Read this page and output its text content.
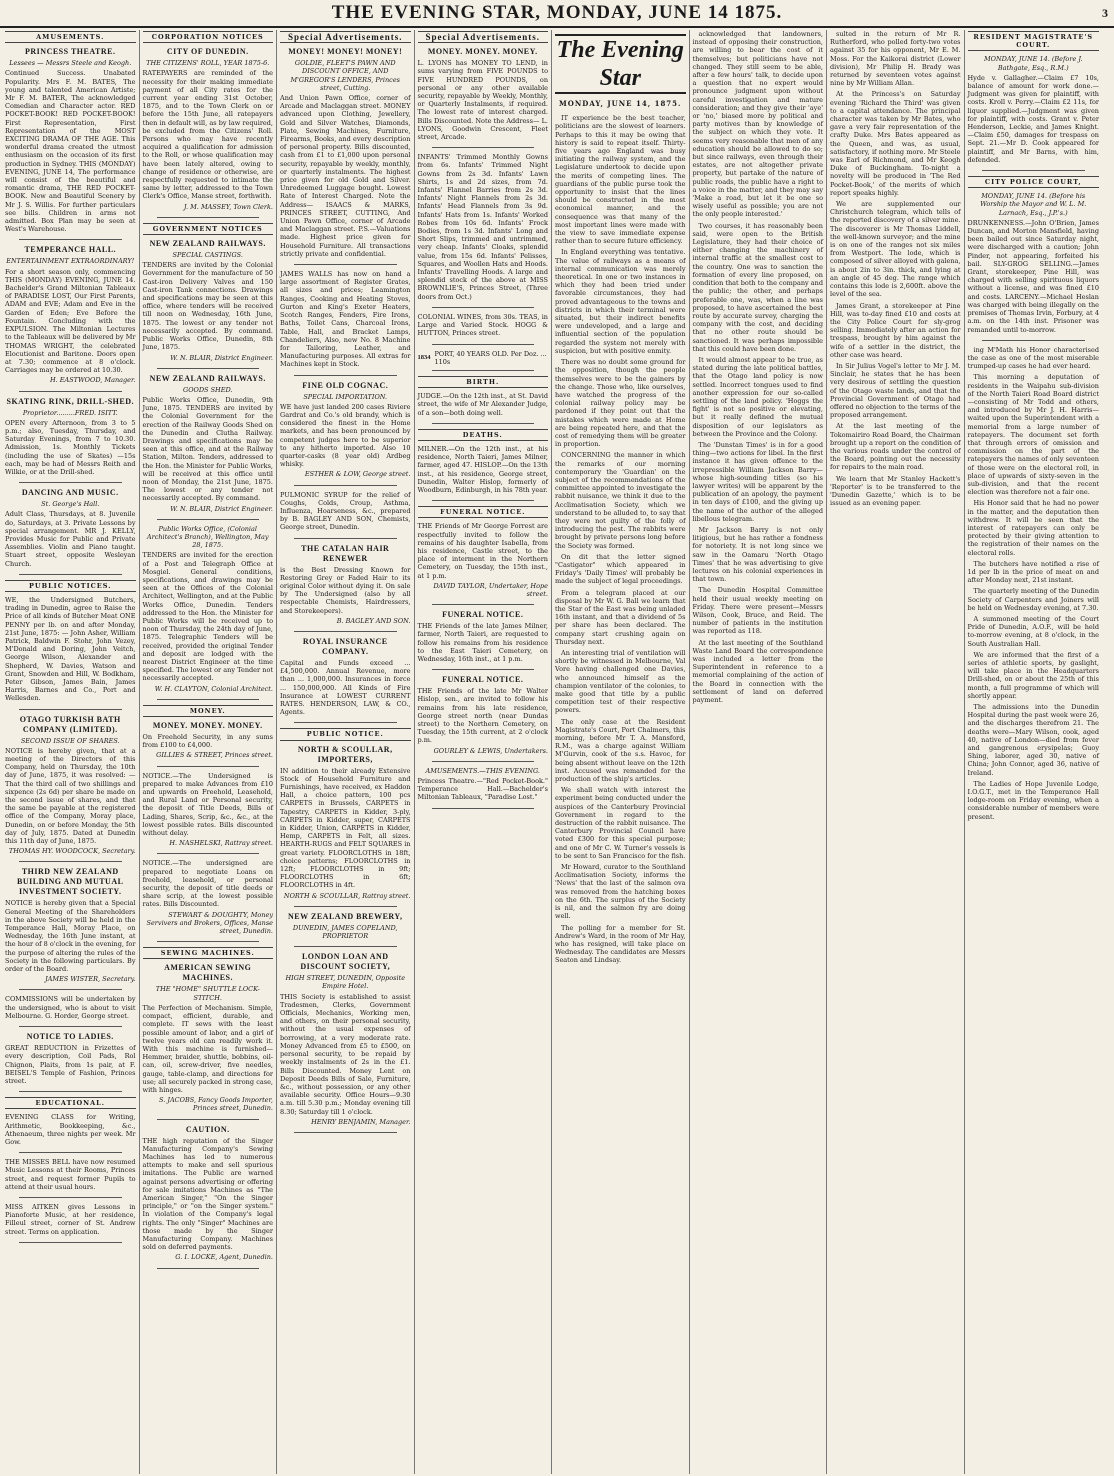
THE EVENING STAR, MONDAY, JUNE 14 1875.	3
AMUSEMENTS.
PRINCESS THEATRE.
Lessees — Messrs Steele and Keogh.
Continued Success. Unabated Popularity. Mrs F. M. BATES, The young and talented American Artiste; Mr F. M. BATER, The acknowledged Comedian and Character actor. RED POCKET-BOOK! RED POCKET-BOOK! First Representation, First Representation of the MOST EXCITING DRAMA OF THE AGE. This wonderful drama created the utmost enthusiasm on the occasion of its first production in Sydney. THIS (MONDAY) EVENING, JUNE 14, The performance will consist of the beautiful and romantic drama, THE RED POCKET-BOOK. New and Beautiful Scenery by Mr J. S. Willis. For further particulars see bills. Children in arms not admitted. Box Plan may be seen at West's Warehouse.
TEMPERANCE HALL.
ENTERTAINMENT EXTRAORDINARY!
For a short season only, commencing THIS (MONDAY) EVENING, JUNE 14. Bachelder's Grand Miltonian Tableaux of PARADISE LOST, Our First Parents, ADAM and EVE; Adam and Eve in the Garden of Eden; Eve Before the Fountain. Concluding with the EXPULSION. The Miltonian Lectures to the Tableaux will be delivered by Mr THOMAS WRIGHT, the celebrated Elocutionist and Baritone. Doors open at 7.30; commence at 8 o'clock. Carriages may be ordered at 10.30.
H. EASTWOOD, Manager.
SKATING RINK, DRILL-SHED.
Proprietor.........FRED. ISITT.
OPEN every Afternoon, from 3 to 5 p.m.; also, Tuesday, Thursday, and Saturday Evenings, from 7 to 10.30. Admission, 1s. Monthly Tickets (including the use of Skates) —15s each, may be had of Messrs Reith and Wilkie, or at the Drill-shed.
DANCING AND MUSIC.
St. George's Hall.
Adult Class, Thursdays, at 8. Juvenile do, Saturdays, at 3. Private Lessons by special arrangement. MR J. KELLY, Provides Music for Public and Private Assemblies. Violin and Piano taught. Stuart street, opposite Wesleyan Church.
PUBLIC NOTICES.
WE, the Undersigned Butchers, trading in Dunedin, agree to Raise the Price of all kinds of Butcher Meat ONE PENNY per lb. on and after Monday, 21st June, 1875: — John Asher, William Patrick, Baldwin F. Stohr, John Vezey, M'Donald and Doring, John Veitch, George Wilson, Alexander and Shepherd, W. Davies, Watson and Grant, Snowden and Hill, W. Bodkham, Peter Gibson, James Bain, James Harris, Barnes and Co., Port and Wellesden.
OTAGO TURKISH BATH COMPANY (LIMITED).
SECOND ISSUE OF SHARES.
NOTICE is hereby given, that at a meeting of the Directors of this Company, held on Thursday, the 10th day of June, 1875, it was resolved: — That the third call of two shillings and sixpence (2s 6d) per share be made on the second issue of shares, and that the same be payable at the registered office of the Company, Moray place, Dunedin, on or before Monday, the 5th day of July, 1875. Dated at Dunedin this 11th day of June, 1875.
THOMAS HY. WOODCOCK, Secretary.
THIRD NEW ZEALAND BUILDING AND MUTUAL INVESTMENT SOCIETY.
NOTICE is hereby given that a Special General Meeting of the Shareholders in the above Society will be held in the Temperance Hall, Moray Place, on Wednesday, the 16th June instant, at the hour of 8 o'clock in the evening, for the purpose of altering the rules of the Society in the following particulars. By order of the Board.
JAMES WISTER, Secretary.
COMMISSIONS will be undertaken by the undersigned, who is about to visit Melbourne. G. Horder, George street.
NOTICE TO LADIES.
GREAT REDUCTION in Frizettes of every description, Coil Pads, Rol Chignon, Plaits, from 1s pair, at F. BEISEL'S Temple of Fashion, Princes street.
EDUCATIONAL.
EVENING CLASS for Writing, Arithmetic, Bookkeeping, &c., Athenaeum, three nights per week. Mr Gow.
THE MISSES BELL have now resumed Music Lessons at their Rooms, Princes street, and request former Pupils to attend at their usual hours.
MISS AITKEN gives Lessons in Pianoforte Music, at her residence, Filleul street, corner of St. Andrew street. Terms on application.
CORPORATION NOTICES
CITY OF DUNEDIN.
THE CITIZENS' ROLL, YEAR 1875-6.
RATEPAYERS are reminded of the necessity for their making immediate payment of all City rates for the current year ending 31st October, 1875, and to the Town Clerk on or before the 15th June, all ratepayers then in default will, as by law required, be excluded from the Citizens' Roll. Persons who may have recently acquired a qualification for admission to the Roll, or whose qualification may have been lately altered, owing to change of residence or otherwise, are respectfully requested to intimate the same by letter, addressed to the Town Clerk's Office, Manse street, forthwith.
J. M. MASSEY, Town Clerk.
GOVERNMENT NOTICES
NEW ZEALAND RAILWAYS.
SPECIAL CASTINGS.
TENDERS are invited by the Colonial Government for the manufacture of 50 Cast-iron Delivery Valves and 150 Cast-iron Tank connections. Drawings and specifications may be seen at this office, where tenders will be received till noon on Wednesday, 16th June, 1875. The lowest or any tender not necessarily accepted. By command. Public Works Office, Dunedin, 8th June, 1875.
W. N. BLAIR, District Engineer.
NEW ZEALAND RAILWAYS.
GOODS SHED.
Public Works Office, Dunedin, 9th June, 1875. TENDERS are invited by the Colonial Government for the erection of the Railway Goods Shed on the Dunedin and Clutha Railway. Drawings and specifications may be seen at this office, and at the Railway Station, Milton. Tenders, addressed to the Hon. the Minister for Public Works, will be received at this office until noon of Monday, the 21st June, 1875. The lowest or any tender not necessarily accepted. By command.
W. N. BLAIR, District Engineer.
Public Works Office, (Colonial Architect's Branch), Wellington, May 28, 1875.
TENDERS are invited for the erection of a Post and Telegraph Office at Mosgiel. General conditions, specifications, and drawings may be seen at the Offices of the Colonial Architect, Wellington, and at the Public Works Office, Dunedin. Tenders addressed to the Hon. the Minister for Public Works will be received up to noon of Thursday, the 24th day of June, 1875. Telegraphic Tenders will be received, provided the original Tender and deposit are lodged with the nearest District Engineer at the time specified. The lowest or any Tender not necessarily accepted.
W. H. CLAYTON, Colonial Architect.
MONEY.
MONEY. MONEY. MONEY.
On Freehold Security, in any sums from £100 to £4,000.
GILLIES & STREET, Princes street.
NOTICE.—The Undersigned is prepared to make Advances from £10 and upwards on Freehold, Leasehold, and Rural Land or Personal security, the deposit of Title Deeds, Bills of Lading, Shares, Scrip, &c., &c., at the lowest possible rates. Bills discounted without delay.
H. NASHELSKI, Rattray street.
NOTICE.—The undersigned are prepared to negotiate Loans on freehold, leasehold, or personal security, the deposit of title deeds or share scrip, at the lowest possible rates. Bills Discounted.
STEWART & DOUGHTY, Money Servivers and Brokers, Offices, Manse street, Dunedin.
SEWING MACHINES.
AMERICAN SEWING MACHINES.
THE "HOME" SHUTTLE LOCK-STITCH.
The Perfection of Mechanism. Simple, compact, efficient, durable, and complete. IT sews with the least possible amount of labor, and a girl of twelve years old can readily work it. With this machine is furnished—Hemmer, braider, shuttle, bobbins, oil-can, oil, screw-driver, five needles, gauge, table-clamp, and directions for use; all securely packed in strong case, with hinges.
S. JACOBS, Fancy Goods Importer, Princes street, Dunedin.
CAUTION.
THE high reputation of the Singer Manufacturing Company's Sewing Machines has led to numerous attempts to make and sell spurious imitations. The Public are warned against persons advertising or offering for sale imitations Machines as "The American Singer," "On the Singer principle," or "on the Singer system." In violation of the Company's legal rights. The only "Singer" Machines are those made by the Singer Manufacturing Company. Machines sold on deferred payments.
G. I. LOCKE, Agent, Dunedin.
Special Advertisements.
MONEY! MONEY! MONEY!
GOLDIE, FLEET'S PAWN AND DISCOUNT OFFICE, AND M'GREGOR'S LENDERS, Princes street, Cutting.
And Union Pawn Office, corner of Arcade and Maclaggan street. MONEY advanced upon Clothing, Jewellery, Gold and Silver Watches, Diamonds, Plate, Sewing Machines, Furniture, Firearms, Books, and every description of personal property. Bills discounted, cash from £1 to £1,000 upon personal security, repayable by weekly, monthly, or quarterly instalments. The highest price given for old Gold and Silver. Unredeemed Luggage bought. Lowest Rate of Interest Charged. Note the Address— ISAACS & MARKS, PRINCES STREET, CUTTING, And Union Pawn Office, corner of Arcade and Maclaggan street. P.S.—Valuations made. Highest price given for Household Furniture. All transactions strictly private and confidential.
JAMES WALLS has now on hand a large assortment of Register Grates, all sizes and prices; Leamington Ranges, Cooking and Heating Stoves, Gurton and King's Exeter Heaters, Scotch Ranges, Fenders, Fire Irons, Baths, Toilet Cans, Charcoal Irons, Table, Hall, and Bracket Lamps, Chandeliers, Also, new No. 8 Machine for Tailoring, Leather, and Manufacturing purposes. All extras for Machines kept in Stock.
FINE OLD COGNAC.
SPECIAL IMPORTATION.
WE have just landed 200 cases Riviere Gardrat and Co.'s old brandy, which is considered the finest in the Home markets, and has been pronounced by competent judges here to be superior to any hitherto imported. Also 10 quarter-casks (8 year old) Ardbeg whisky.
ESTHER & LOW, George street.
PULMONIC SYRUP for the relief of Coughs, Colds, Croup, Asthma, Influenza, Hoarseness, &c., prepared by B. BAGLEY AND SON, Chemists, George street, Dunedin.
THE CATALAN HAIR RENEWER
is the Best Dressing Known for Restoring Grey or Faded Hair to its original Color without dying it. On sale by The Undersigned (also by all respectable Chemists, Hairdressers, and Storekeepers).
B. BAGLEY AND SON.
ROYAL INSURANCE COMPANY.
Capital and Funds exceed ... £4,500,000. Annual Revenue, more than ... 1,000,000. Insurances in force ... 150,000,000. All Kinds of Fire Insurance at LOWEST CURRENT RATES. HENDERSON, LAW, & CO., Agents.
PUBLIC NOTICE.
NORTH & SCOULLAR, IMPORTERS,
IN addition to their already Extensive Stock of Household Furniture and Furnishings, have received, ex Haddon Hall, a choice pattern, 100 pcs CARPETS in Brussels, CARPETS in Tapestry, CARPETS in Kidder, 3-ply, CARPETS in Kidder, super, CARPETS in Kidder, Union, CARPETS in Kidder, Hemp, CARPETS in Felt, all sizes. HEARTH-RUGS and FELT SQUARES in great variety. FLOORCLOTHS in 18ft, choice patterns; FLOORCLOTHS in 12ft; FLOORCLOTHS in 9ft; FLOORCLOTHS in 6ft; FLOORCLOTHS in 4ft.
NORTH & SCOULLAR, Rattray street.
NEW ZEALAND BREWERY,
DUNEDIN, JAMES COPELAND, PROPRIETOR
LONDON LOAN AND DISCOUNT SOCIETY,
HIGH STREET, DUNEDIN, Opposite Empire Hotel.
THIS Society is established to assist Tradesmen, Clerks, Government Officials, Mechanics, Working men, and others, on their personal security, without the usual expenses of borrowing, at a very moderate rate. Money Advanced from £5 to £500, on personal security, to be repaid by weekly instalments of 2s in the £1. Bills Discounted. Money Lent on Deposit Deeds Bills of Sale, Furniture, &c., without possession, or any other available security. Office Hours—9.30 a.m. till 5.30 p.m.; Monday evening till 8.30; Saturday till 1 o'clock.
HENRY BENJAMIN, Manager.
Special Advertisements.
MONEY. MONEY. MONEY.
L. LYONS has MONEY TO LEND, in sums varying from FIVE POUNDS to FIVE HUNDRED POUNDS, on personal or any other available security, repayable by Weekly, Monthly, or Quarterly Instalments, if required. The lowest rate of interest charged. Bills Discounted. Note the Address— L. LYONS, Goodwin Crescent, Fleet street, Arcade.
INFANTS' Trimmed Monthly Gowns from 6s. Infants' Trimmed Night Gowns from 2s 3d. Infants' Lawn Shirts, 1s and 2d sizes, from 7d. Infants' Flannel Barries from 2s 3d. Infants' Night Flannels from 2s 3d. Infants' Head Flannels from 3s 9d. Infants' Hats from 1s. Infants' Worked Robes from 10s 6d. Infants' Frock Bodies, from 1s 3d. Infants' Long and Short Slips, trimmed and untrimmed, very cheap. Infants' Cloaks, splendid value, from 15s 6d. Infants' Pelisses, Squares, and Woollen Hats and Hoods. Infants' Travelling Hoods. A large and splendid stock of the above at MISS BROWNLIE'S, Princes Street, (Three doors from Oct.)
COLONIAL WINES, from 30s. TEAS, in Large and Varied Stock. HOGG & HUTTON, Princes street.
1834 PORT, 40 YEARS OLD. Per Doz. ... 110s
BIRTH.
JUDGE.—On the 12th inst., at St. David street, the wife of Mr Alexander Judge, of a son—both doing well.
DEATHS.
MILNER.—On the 12th inst., at his residence, North Taieri, James Milner, farmer, aged 47. HISLOP.—On the 13th inst., at his residence, George street, Dunedin, Walter Hislop, formerly of Woodburn, Edinburgh, in his 78th year.
FUNERAL NOTICE.
THE Friends of Mr George Forrest are respectfully invited to follow the remains of his daughter Isabella, from his residence, Castle street, to the place of interment in the Northern Cemetery, on Tuesday, the 15th inst., at 1 p.m.
DAVID TAYLOR, Undertaker, Hope street.
FUNERAL NOTICE.
THE Friends of the late James Milner, farmer, North Taieri, are requested to follow his remains from his residence to the East Taieri Cemetery, on Wednesday, 16th inst., at 1 p.m.
FUNERAL NOTICE.
THE Friends of the late Mr Walter Hislop, sen., are invited to follow his remains from his late residence, George street north (near Dundas street) to the Northern Cemetery, on Tuesday, the 15th current, at 2 o'clock p.m.
GOURLEY & LEWIS, Undertakers.
AMUSEMENTS.—THIS EVENING.
Princess Theatre.—"Red Pocket-Book." Temperance Hall.—Bachelder's Miltonian Tableaux, "Paradise Lost."
The Evening Star
MONDAY, JUNE 14, 1875.

IT experience be the best teacher, politicians are the slowest of learners. Perhaps to this it may be owing that history is said to repeat itself. Thirty-five years ago England was busy initiating the railway system, and the Legislature undertook to decide upon the merits of competing lines. The guardians of the public purse took the opportunity to insist that the lines should be constructed in the most economical manner, and the consequence was that many of the most important lines were made with the view to save immediate expense rather than to secure future efficiency.

In England everything was tentative. The value of railways as a means of internal communication was merely theoretical. In one or two instances in which they had been tried under favorable circumstances, they had proved advantageous to the towns and districts in which their terminal were situated, but their indirect benefits were undeveloped, and a large and influential section of the population regarded the system not merely with suspicion, but with positive enmity.

There was no doubt some ground for the opposition, though the people themselves were to be the gainers by the change. Those who, like ourselves, have watched the progress of the colonial railway policy may be pardoned if they point out that the mistakes which were made at Home are being repeated here, and that the cost of remedying them will be greater in proportion.

CONCERNING the manner in which the remarks of our morning contemporary the 'Guardian' on the subject of the recommendations of the committee appointed to investigate the rabbit nuisance, we think it due to the Acclimatisation Society, which we understand to be alluded to, to say that they were not guilty of the folly of introducing the pest. The rabbits were brought by private persons long before the Society was formed.

On dit that the letter signed "Castigator" which appeared in Friday's 'Daily Times' will probably be made the subject of legal proceedings.

From a telegram placed at our disposal by Mr W. G. Ball we learn that the Star of the East was being unladed 16th instant, and that a dividend of 5s per share has been declared. The company start crushing again on Thursday next.

An interesting trial of ventilation will shortly be witnessed in Melbourne, Val Vore having challenged one Davies, who announced himself as the champion ventilator of the colonies, to make good that title by a public competition test of their respective powers.

The only case at the Resident Magistrate's Court, Port Chalmers, this morning, before Mr T. A. Mansford, R.M., was a charge against William M'Gurvin, cook of the s.s. Havoc, for being absent without leave on the 12th inst. Accused was remanded for the production of the ship's articles.

We shall watch with interest the experiment being conducted under the auspices of the Canterbury Provincial Government in regard to the destruction of the rabbit nuisance. The Canterbury Provincial Council have voted £300 for this special purpose; and one of Mr C. W. Turner's vessels is to be sent to San Francisco for the fish.

Mr Howard, curator to the Southland Acclimatisation Society, informs the 'News' that the last of the salmon ova was removed from the hatching boxes on the 6th. The surplus of the Society is nil, and the salmon fry are doing well.

The polling for a member for St. Andrew's Ward, in the room of Mr Hay, who has resigned, will take place on Wednesday. The candidates are Messrs Seaton and Lindsay.

acknowledged that landowners, instead of opposing their construction, are willing to bear the cost of it themselves; but politicians have not changed. They still seem to be able, after a few hours' talk, to decide upon a question that no expert would pronounce judgment upon without careful investigation and mature consideration; and they give their 'aye' or 'no,' biased more by political and party motives than by knowledge of the subject on which they vote. It seems very reasonable that men of any education should be allowed to do so; but since railways, even through their estates, are not altogether private property, but partake of the nature of public roads, the public have a right to a voice in the matter, and they may say 'Make a road, but let it be one so wisely useful as possible; you are not the only people interested.'

Two courses, it has reasonably been said, were open to the British Legislature, they had their choice of either changing the machinery of internal traffic at the smallest cost to the country. One was to sanction the formation of every line proposed, on condition that both to the company and the public; the other, and perhaps preferable one, was, when a line was proposed, to have ascertained the best route by accurate survey, charging the company with the cost, and deciding that no other route should be sanctioned. It was perhaps impossible that this could have been done.

It would almost appear to be true, as stated during the late political battles, that the Otago land policy is now settled. Incorrect tongues used to find another expression for our so-called settling of the land policy. 'Hoggs the fight' is not so positive or elevating, but it really defined the mutual disposition of our legislators as between the Province and the Colony.

The 'Dunstan Times' is in for a good thing—two actions for libel. In the first instance it has given offence to the irrepressible William Jackson Barry—whose high-sounding titles (so his lawyer writes) will be apparent by the publication of an apology, the payment in ten days of £100, and the giving up the name of the author of the alleged libellous telegram.

Mr Jackson Barry is not only litigious, but he has rather a fondness for notoriety. It is not long since we saw in the Oamaru 'North Otago Times' that he was advertising to give lectures on his colonial experiences in that town.

The Dunedin Hospital Committee held their usual weekly meeting on Friday. There were present—Messrs Wilson, Cook, Bruce, and Reid. The number of patients in the institution was reported as 118.

At the last meeting of the Southland Waste Land Board the correspondence was included a letter from the Superintendent in reference to a memorial complaining of the action of the Board in connection with the settlement of land on deferred payment.

sulted in the return of Mr R. Rutherford, who polled forty-two votes against 35 for his opponent, Mr E. M. Moss. For the Kaikorai district (Lower division), Mr Philip H. Brady was returned by seventeen votes against nine by Mr William Allan.

At the Princess's on Saturday evening 'Richard the Third' was given to a capital attendance. The principal character was taken by Mr Bates, who gave a very fair representation of the crafty Duke. Mrs Bates appeared as the Queen, and was, as usual, satisfactory, if nothing more. Mr Steele was Earl of Richmond, and Mr Keogh Duke of Buckingham. To-night a novelty will be produced in 'The Red Pocket-Book,' of the merits of which report speaks highly.

We are supplemented our Christchurch telegram, which tells of the reported discovery of a silver mine. The discoverer is Mr Thomas Liddell, the well-known surveyor; and the mine is on one of the ranges not six miles from Westport. The lode, which is composed of silver alloyed with galena, is about 2in to 3in. thick, and lying at an angle of 45 deg. The range which contains this lode is 2,600ft. above the level of the sea.

James Grant, a storekeeper at Pine Hill, was to-day fined £10 and costs at the City Police Court for sly-grog selling. Immediately after an action for trespass, brought by him against the wife of a settler in the district, the other case was heard.

In Sir Julius Vogel's letter to Mr J. M. Sinclair, he states that he has been very desirous of settling the question of the Otago waste lands, and that the Provincial Government of Otago had offered no objection to the terms of the proposed arrangement.

At the last meeting of the Tokomairiro Road Board, the Chairman brought up a report on the condition of the various roads under the control of the Board, pointing out the necessity for repairs to the main road.

We learn that Mr Stanley Hackett's 'Reporter' is to be transferred to the 'Dunedin Gazette,' which is to be issued as an evening paper.

RESIDENT MAGISTRATE'S COURT.
MONDAY, JUNE 14. (Before J. Bathgate, Esq., R.M.)
Hyde v. Gallagher.—Claim £7 10s, balance of amount for work done.—Judgment was given for plaintiff, with costs. Kroll v. Perry.—Claim £2 11s, for liquor supplied.—Judgment was given for plaintiff, with costs. Grant v. Peter Henderson, Leckie, and James Knight.—Claim £50, damages for trespass on Sept. 21.—Mr D. Cook appeared for plaintiff, and Mr Barns, with him, defended.
CITY POLICE COURT,
MONDAY, JUNE 14. (Before his Worship the Mayor and W. L. M. Larnach, Esq., J.P.'s.)
DRUNKENNESS.—John O'Brien, James Duncan, and Morton Mansfield, having been bailed out since Saturday night, were discharged with a caution; John Pinder, not appearing, forfeited his bail. SLY-GROG SELLING.—James Grant, storekeeper, Pine Hill, was charged with selling spirituous liquors without a license, and was fined £10 and costs. LARCENY.—Michael Heslan was charged with being illegally on the premises of Thomas Irvin, Forbury, at 4 a.m. on the 14th inst. Prisoner was remanded until to-morrow.

ing M'Math his Honor characterised the case as one of the most miserable trumped-up cases he had ever heard.

This morning a deputation of residents in the Waipahu sub-division of the North Taieri Road Board district—consisting of Mr Todd and others, and introduced by Mr J. H. Harris—waited upon the Superintendent with a memorial from a large number of ratepayers. The document set forth that through errors of omission and commission on the part of the ratepayers the names of only seventeen of those were on the electoral roll, in place of upwards of sixty-seven in the sub-division, and that the recent election was therefore not a fair one.

His Honor said that he had no power in the matter, and the deputation then withdrew. It will be seen that the interest of ratepayers can only be protected by their giving attention to the registration of their names on the electoral rolls.

The butchers have notified a rise of 1d per lb in the price of meat on and after Monday next, 21st instant.

The quarterly meeting of the Dunedin Society of Carpenters and Joiners will be held on Wednesday evening, at 7.30.

A summoned meeting of the Court Pride of Dunedin, A.O.F., will be held to-morrow evening, at 8 o'clock, in the South Australian Hall.

We are informed that the first of a series of athletic sports, by gaslight, will take place in the Headquarters Drill-shed, on or about the 25th of this month, a full programme of which will shortly appear.

The admissions into the Dunedin Hospital during the past week were 26, and the discharges therefrom 21. The deaths were—Mary Wilson, cook, aged 40, native of London—died from fever and gangrenous erysipelas; Guoy Shing, laborer, aged 30, native of China; John Connor, aged 36, native of Ireland.

The Ladies of Hope Juvenile Lodge, I.O.G.T., met in the Temperance Hall lodge-room on Friday evening, when a considerable number of members were present.
